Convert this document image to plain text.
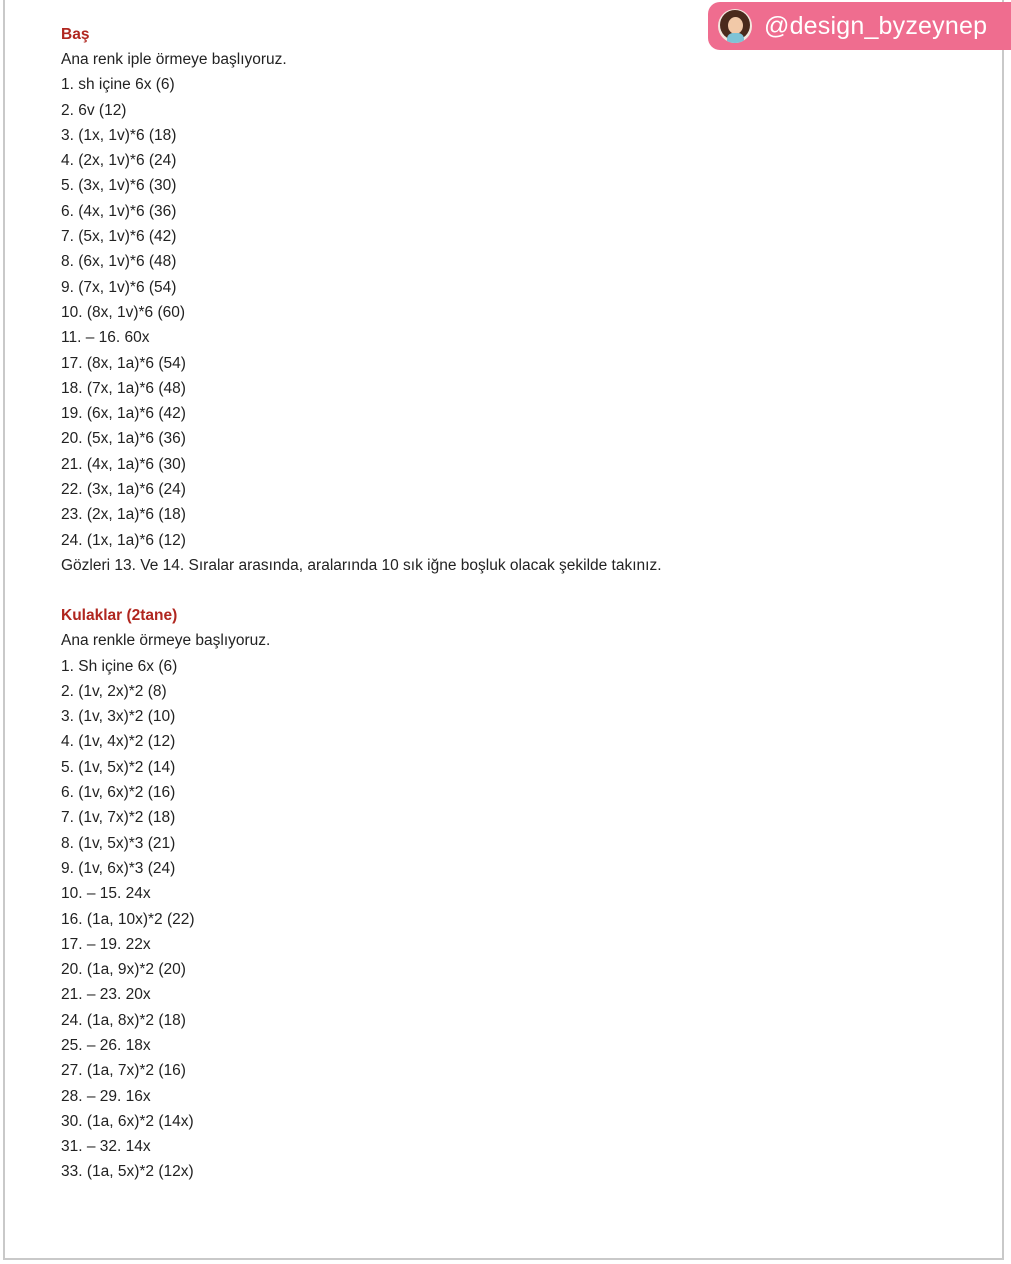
@design_byzeynep

Baş

Ana renk iple örmeye başlıyoruz.

1. sh içine 6x (6)

2. 6v (12)

3. (1x, 1v)*6 (18)

4. (2x, 1v)*6 (24)

5. (3x, 1v)*6 (30)

6. (4x, 1v)*6 (36)

7. (5x, 1v)*6 (42)

8. (6x, 1v)*6 (48)

9. (7x, 1v)*6 (54)

10. (8x, 1v)*6 (60)

11. – 16. 60x

17. (8x, 1a)*6 (54)

18. (7x, 1a)*6 (48)

19. (6x, 1a)*6 (42)

20. (5x, 1a)*6 (36)

21. (4x, 1a)*6 (30)

22. (3x, 1a)*6 (24)

23. (2x, 1a)*6 (18)

24. (1x, 1a)*6 (12)

Gözleri 13. Ve 14. Sıralar arasında, aralarında 10 sık iğne boşluk olacak şekilde takınız.

Kulaklar (2tane)

Ana renkle örmeye başlıyoruz.

1. Sh içine 6x (6)

2. (1v, 2x)*2 (8)

3. (1v, 3x)*2 (10)

4. (1v, 4x)*2 (12)

5. (1v, 5x)*2 (14)

6. (1v, 6x)*2 (16)

7. (1v, 7x)*2 (18)

8. (1v, 5x)*3 (21)

9. (1v, 6x)*3 (24)

10. – 15. 24x

16. (1a, 10x)*2 (22)

17. – 19. 22x

20. (1a, 9x)*2 (20)

21. – 23. 20x

24. (1a, 8x)*2 (18)

25. – 26. 18x

27. (1a, 7x)*2 (16)

28. – 29. 16x

30. (1a, 6x)*2 (14x)

31. – 32. 14x

33. (1a, 5x)*2 (12x)
